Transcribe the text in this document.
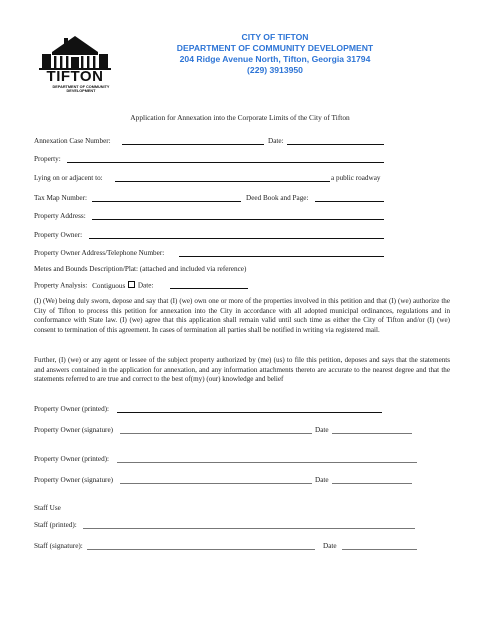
TIFTON
DEPARTMENT OF COMMUNITY DEVELOPMENT
CITY OF TIFTON
DEPARTMENT OF COMMUNITY DEVELOPMENT
204 Ridge Avenue North, Tifton, Georgia 31794
(229) 3913950
Application for Annexation into the Corporate Limits of the City of Tifton
Annexation Case Number:	Date:
Property:
Lying on or adjacent to:	a public roadway
Tax Map Number:	Deed Book and Page:
Property Address:
Property Owner:
Property Owner Address/Telephone Number:
Metes and Bounds Description/Plat: (attached and included via reference)
Property Analysis: Contiguous Date:
(I) (We) being duly sworn, depose and say that (I) (we) own one or more of the properties involved in this petition and that (I) (we) authorize the City of Tifton to process this petition for annexation into the City in accordance with all adopted municipal ordinances, regulations and in conformance with State law. (I) (we) agree that this application shall remain valid until such time as either the City of Tifton and/or (I) (we) consent to termination of this agreement. In cases of termination all parties shall be notified in writing via registered mail.
Further, (I) (we) or any agent or lessee of the subject property authorized by (me) (us) to file this petition, deposes and says that the statements and answers contained in the application for annexation, and any information attachments thereto are accurate to the nearest degree and that the statements referred to are true and correct to the best of(my) (our) knowledge and belief
Property Owner (printed):
Property Owner (signature)	Date
Property Owner (printed):
Property Owner (signature)	Date
Staff Use
Staff (printed):
Staff (signature):	Date
